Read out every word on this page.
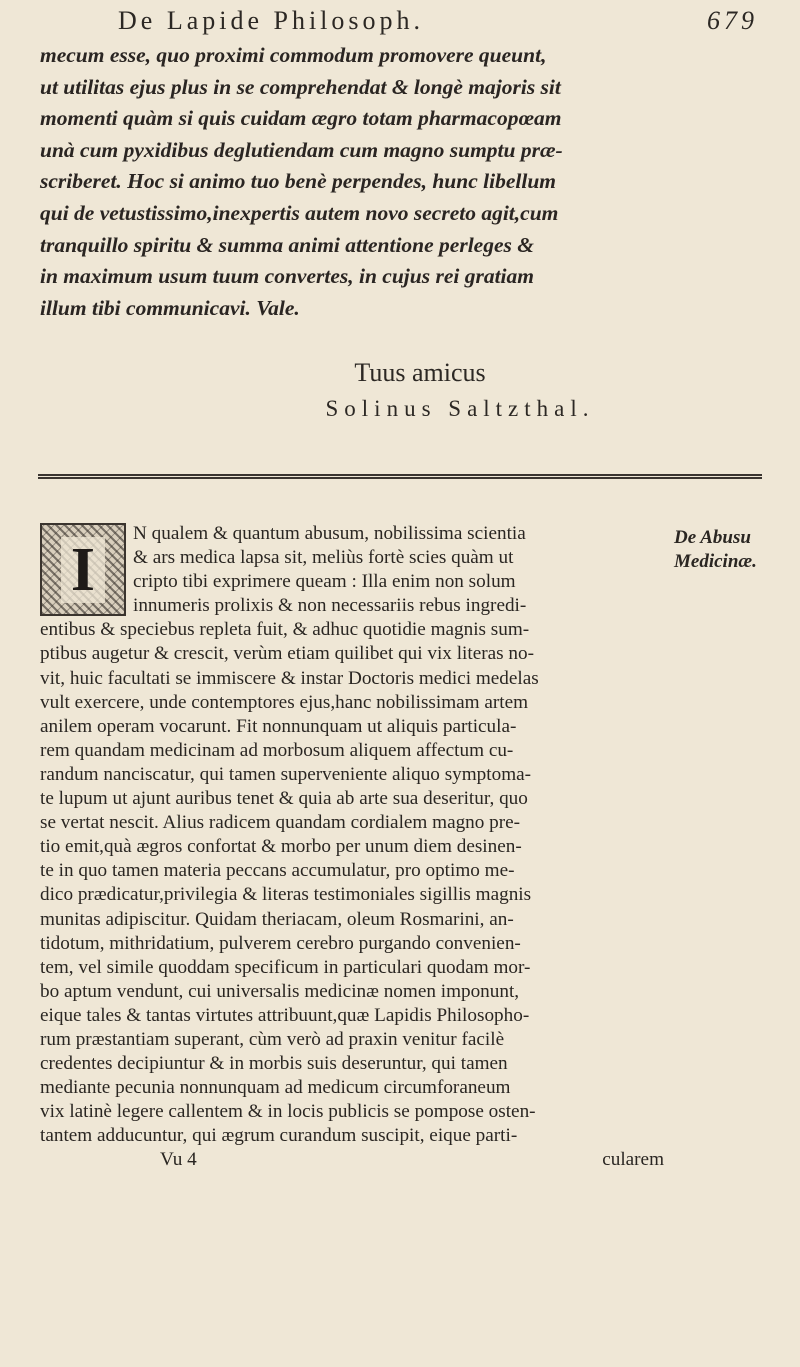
De Lapide Philosoph.	679
mecum esse, quo proximi commodum promovere queunt,
ut utilitas ejus plus in se comprehendat & longè majoris sit
momenti quàm si quis cuidam ægro totam pharmacopœam
unà cum pyxidibus deglutiendam cum magno sumptu præ-
scriberet. Hoc si animo tuo benè perpendes, hunc libellum
qui de vetustissimo,inexpertis autem novo secreto agit,cum
tranquillo spiritu & summa animi attentione perleges &
in maximum usum tuum convertes, in cujus rei gratiam
illum tibi communicavi. Vale.
Tuus amicus
Solinus Saltzthal.
I	De Abusu
Medicinæ.
N qualem & quantum abusum, nobilissima scientia
& ars medica lapsa sit, meliùs fortè scies quàm ut
cripto tibi exprimere queam : Illa enim non solum
innumeris prolixis & non necessariis rebus ingredi-
entibus & speciebus repleta fuit, & adhuc quotidie magnis sum-
ptibus augetur & crescit, verùm etiam quilibet qui vix literas no-
vit, huic facultati se immiscere & instar Doctoris medici medelas
vult exercere, unde contemptores ejus,hanc nobilissimam artem
anilem operam vocarunt. Fit nonnunquam ut aliquis particula-
rem quandam medicinam ad morbosum aliquem affectum cu-
randum nanciscatur, qui tamen superveniente aliquo symptoma-
te lupum ut ajunt auribus tenet & quia ab arte sua deseritur, quo
se vertat nescit. Alius radicem quandam cordialem magno pre-
tio emit,quà ægros confortat & morbo per unum diem desinen-
te in quo tamen materia peccans accumulatur, pro optimo me-
dico prædicatur,privilegia & literas testimoniales sigillis magnis
munitas adipiscitur. Quidam theriacam, oleum Rosmarini, an-
tidotum, mithridatium, pulverem cerebro purgando convenien-
tem, vel simile quoddam specificum in particulari quodam mor-
bo aptum vendunt, cui universalis medicinæ nomen imponunt,
eique tales & tantas virtutes attribuunt,quæ Lapidis Philosopho-
rum præstantiam superant, cùm verò ad praxin venitur facilè
credentes decipiuntur & in morbis suis deseruntur, qui tamen
mediante pecunia nonnunquam ad medicum circumforaneum
vix latinè legere callentem & in locis publicis se pompose osten-
tantem adducuntur, qui ægrum curandum suscipit, eique parti-
Vu 4	cularem
